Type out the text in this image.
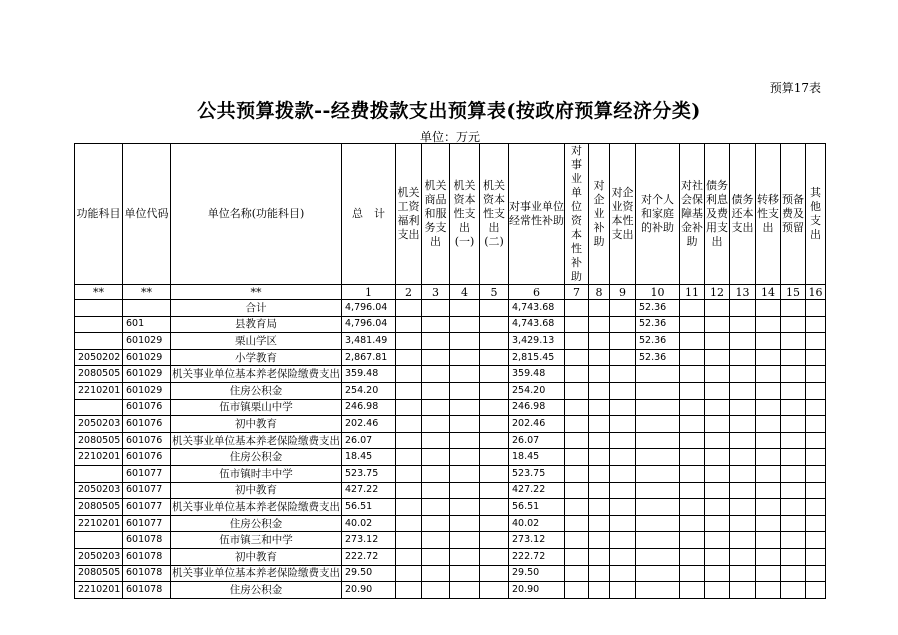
预算17表
公共预算拨款--经费拨款支出预算表(按政府预算经济分类)
单位：万元
功能科目	单位代码	单位名称(功能科目)	总　计	机关工资福利支出	机关商品和服务支出	机关资本性支出(一)	机关资本性支出(二)	对事业单位经常性补助	对事业单位资本性补助	对企业补助	对企业资本性支出	对个人和家庭的补助	对社会保障基金补助	债务利息及费用支出	债务还本支出	转移性支出	预备费及预留	其他支出
**	**	**	1	2	3	4	5	6	7	8	9	10	11	12	13	14	15	16
		合计	4,796.04					4,743.68				52.36						
	601	县教育局	4,796.04					4,743.68				52.36						
	601029	栗山学区	3,481.49					3,429.13				52.36						
2050202	601029	小学教育	2,867.81					2,815.45				52.36						
2080505	601029	机关事业单位基本养老保险缴费支出	359.48					359.48										
2210201	601029	住房公积金	254.20					254.20										
	601076	伍市镇栗山中学	246.98					246.98										
2050203	601076	初中教育	202.46					202.46										
2080505	601076	机关事业单位基本养老保险缴费支出	26.07					26.07										
2210201	601076	住房公积金	18.45					18.45										
	601077	伍市镇时丰中学	523.75					523.75										
2050203	601077	初中教育	427.22					427.22										
2080505	601077	机关事业单位基本养老保险缴费支出	56.51					56.51										
2210201	601077	住房公积金	40.02					40.02										
	601078	伍市镇三和中学	273.12					273.12										
2050203	601078	初中教育	222.72					222.72										
2080505	601078	机关事业单位基本养老保险缴费支出	29.50					29.50										
2210201	601078	住房公积金	20.90					20.90										
